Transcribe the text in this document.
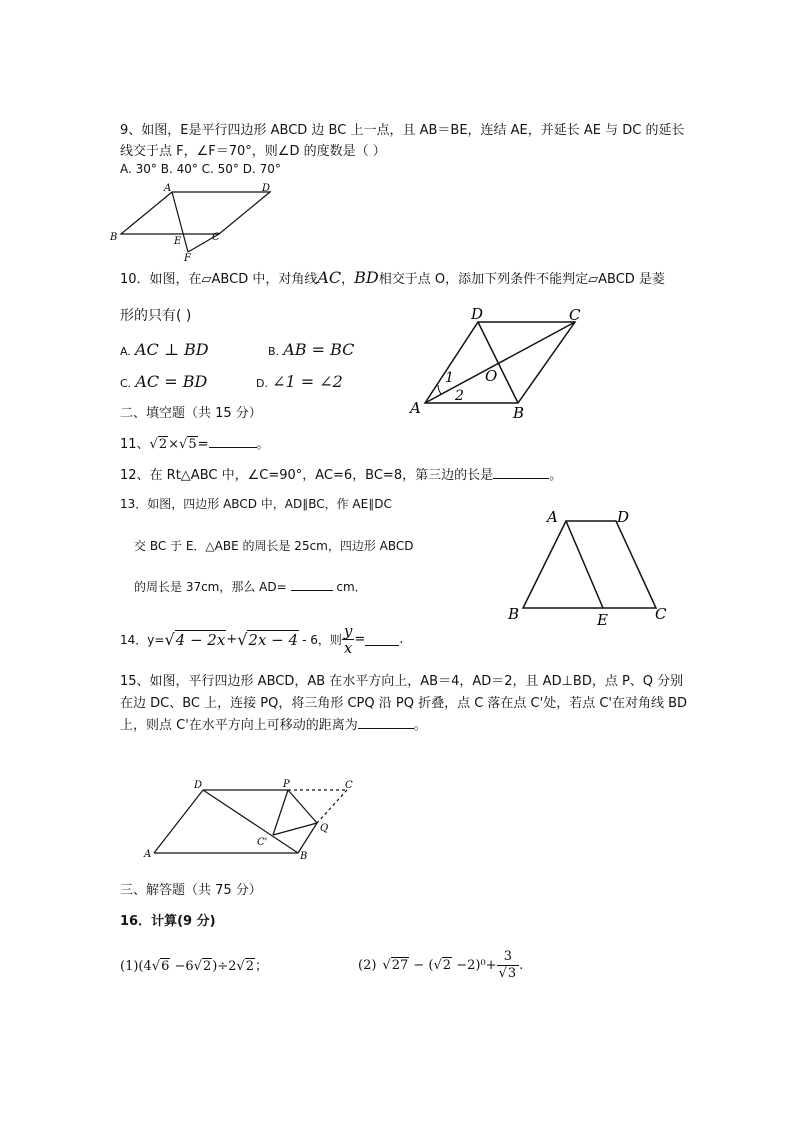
9、如图，E是平行四边形 ABCD 边 BC 上一点，且 AB＝BE，连结 AE，并延长 AE 与 DC 的延长
线交于点 F，∠F＝70°，则∠D 的度数是（ ）
A. 30° B. 40° C. 50° D. 70°
A	D
B	E	C
F
10．如图，在▱ABCD 中，对角线AC，BD相交于点 O，添加下列条件不能判定▱ABCD 是菱
形的只有( )
A. AC ⊥ BD	B. AB = BC
C. AC = BD	D. ∠1 = ∠2
D	C
A	B
O
1
2
二、填空题（共 15 分）
11、√2×√5=	。
12、在 Rt△ABC 中，∠C=90°，AC=6，BC=8，第三边的长是	。
13．如图，四边形 ABCD 中，AD∥BC，作 AE∥DC
交 BC 于 E．△ABE 的周长是 25cm，四边形 ABCD
的周长是 37cm，那么 AD=	cm．
A	D
B	E	C
14．y= √ 4 − 2x + √ 2x − 4 - 6，则 $\frac{y}{x}$ =	.
15、如图，平行四边形 ABCD，AB 在水平方向上，AB＝4，AD＝2，且 AD⊥BD，点 P、Q 分别
在边 DC、BC 上，连接 PQ，将三角形 CPQ 沿 PQ 折叠，点 C 落在点 C'处，若点 C'在对角线 BD
上，则点 C'在水平方向上可移动的距离为	。
D	P	C
Q
C'
A	B
三、解答题（共 75 分）
16．计算(9 分)
(1)(4√6 −6√2)÷2√2；	(2) √ 27 − ( √ $2 -2)^0+ \frac{3}{√3}$ .
